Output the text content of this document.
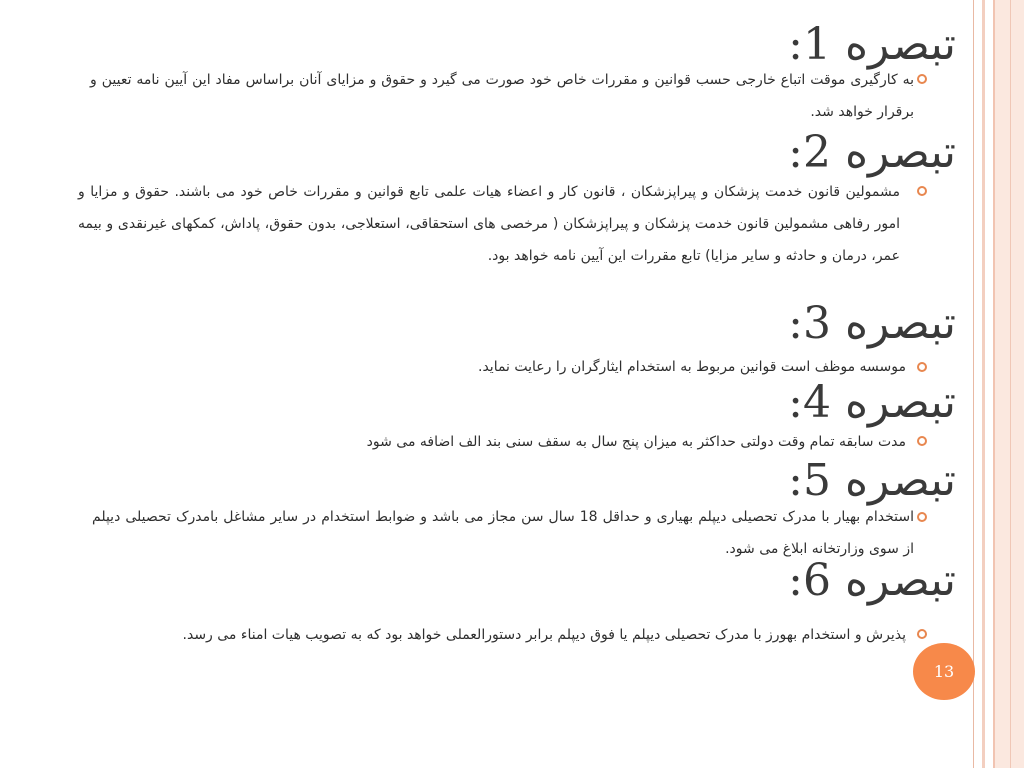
تبصره 1:
به کارگیری موقت اتباع خارجی حسب قوانین و مقررات خاص خود صورت می گیرد و حقوق و مزایای آنان براساس مفاد این آیین نامه تعیین و برقرار خواهد شد.
تبصره 2:
مشمولین قانون خدمت پزشکان و پیراپزشکان ، قانون کار و اعضاء هیات علمی تابع قوانین و مقررات خاص خود می باشند. حقوق و مزایا و امور رفاهی مشمولین قانون خدمت پزشکان و پیراپزشکان ( مرخصی های استحقاقی، استعلاجی، بدون حقوق، پاداش، کمکهای غیرنقدی و بیمه عمر، درمان و حادثه و سایر مزایا) تابع مقررات این آیین نامه خواهد بود.
تبصره 3:
موسسه موظف است قوانین مربوط به استخدام ایثارگران را رعایت نماید.
تبصره 4:
مدت سابقه تمام وقت دولتی حداکثر به میزان پنج سال به سقف سنی بند الف اضافه می شود
تبصره 5:
استخدام بهیار با مدرک تحصیلی دیپلم بهیاری و حداقل 18 سال سن مجاز می باشد و ضوابط استخدام در سایر مشاغل بامدرک تحصیلی دیپلم از سوی وزارتخانه ابلاغ می شود.
تبصره 6:
پذیرش و استخدام بهورز با مدرک تحصیلی دیپلم یا فوق دیپلم برابر دستورالعملی خواهد بود که به تصویب هیات امناء می رسد.
13
